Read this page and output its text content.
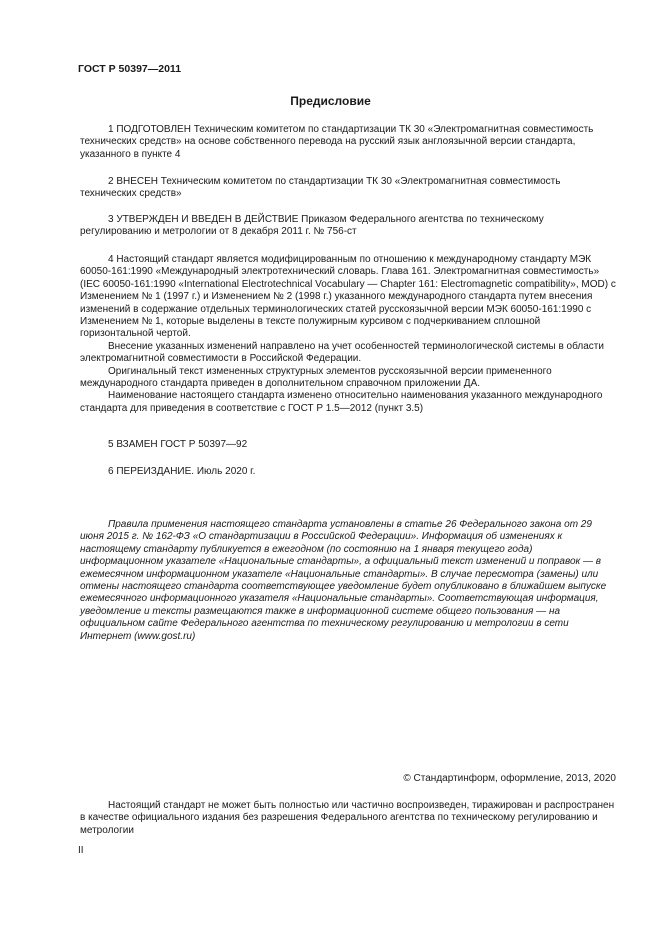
ГОСТ Р 50397—2011
Предисловие

1 ПОДГОТОВЛЕН Техническим комитетом по стандартизации ТК 30 «Электромагнитная совместимость технических средств» на основе собственного перевода на русский язык англоязычной версии стандарта, указанного в пункте 4

2 ВНЕСЕН Техническим комитетом по стандартизации ТК 30 «Электромагнитная совместимость технических средств»

3 УТВЕРЖДЕН И ВВЕДЕН В ДЕЙСТВИЕ Приказом Федерального агентства по техническому регулированию и метрологии от 8 декабря 2011 г. № 756-ст

4 Настоящий стандарт является модифицированным по отношению к международному стандарту МЭК 60050-161:1990 «Международный электротехнический словарь. Глава 161. Электромагнитная совместимость» (IEC 60050-161:1990 «International Electrotechnical Vocabulary — Chapter 161: Electromagnetic compatibility», MOD) с Изменением № 1 (1997 г.) и Изменением № 2 (1998 г.) указанного международного стандарта путем внесения изменений в содержание отдельных терминологических статей русскоязычной версии МЭК 60050-161:1990 с Изменением № 1, которые выделены в тексте полужирным курсивом с подчеркиванием сплошной горизонтальной чертой.

Внесение указанных изменений направлено на учет особенностей терминологической системы в области электромагнитной совместимости в Российской Федерации.

Оригинальный текст измененных структурных элементов русскоязычной версии примененного международного стандарта приведен в дополнительном справочном приложении ДА.

Наименование настоящего стандарта изменено относительно наименования указанного международного стандарта для приведения в соответствие с ГОСТ Р 1.5—2012 (пункт 3.5)

5 ВЗАМЕН ГОСТ Р 50397—92

6 ПЕРЕИЗДАНИЕ. Июль 2020 г.

Правила применения настоящего стандарта установлены в статье 26 Федерального закона от 29 июня 2015 г. № 162-ФЗ «О стандартизации в Российской Федерации». Информация об изменениях к настоящему стандарту публикуется в ежегодном (по состоянию на 1 января текущего года) информационном указателе «Национальные стандарты», а официальный текст изменений и поправок — в ежемесячном информационном указателе «Национальные стандарты». В случае пересмотра (замены) или отмены настоящего стандарта соответствующее уведомление будет опубликовано в ближайшем выпуске ежемесячного информационного указателя «Национальные стандарты». Соответствующая информация, уведомление и тексты размещаются также в информационной системе общего пользования — на официальном сайте Федерального агентства по техническому регулированию и метрологии в сети Интернет (www.gost.ru)

© Стандартинформ, оформление, 2013, 2020

Настоящий стандарт не может быть полностью или частично воспроизведен, тиражирован и распространен в качестве официального издания без разрешения Федерального агентства по техническому регулированию и метрологии

II
